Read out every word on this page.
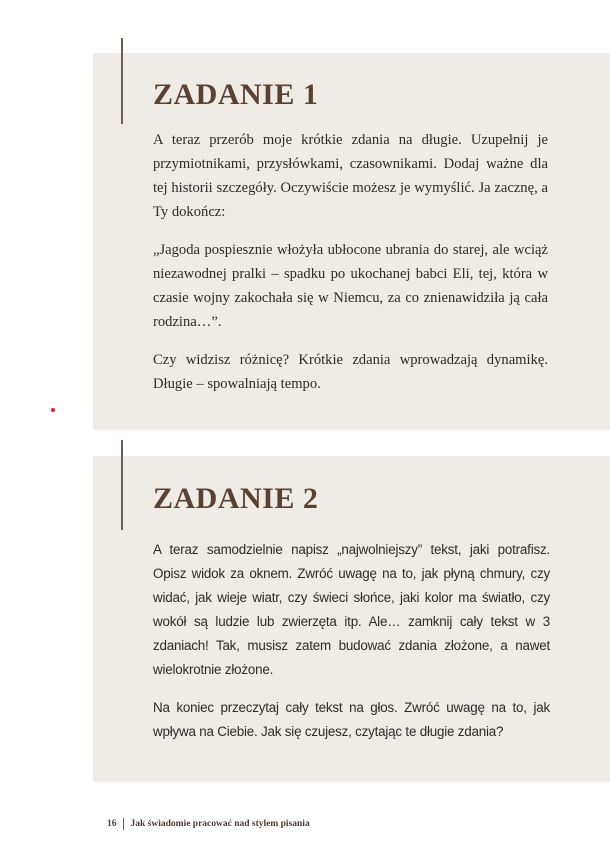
ZADANIE 1

A teraz przerób moje krótkie zdania na długie. Uzupełnij je przymiotnikami, przysłówkami, czasownikami. Dodaj ważne dla tej historii szczegóły. Oczywiście możesz je wymyślić. Ja zacznę, a Ty dokończ:

„Jagoda pospiesznie włożyła ubłocone ubrania do starej, ale wciąż niezawodnej pralki – spadku po ukochanej babci Eli, tej, która w czasie wojny zakochała się w Niemcu, za co znienawidziła ją cała rodzina…”.

Czy widzisz różnicę? Krótkie zdania wprowadzają dynamikę. Długie – spowalniają tempo.

ZADANIE 2

A teraz samodzielnie napisz „najwolniejszy” tekst, jaki potrafisz. Opisz widok za oknem. Zwróć uwagę na to, jak płyną chmury, czy widać, jak wieje wiatr, czy świeci słońce, jaki kolor ma światło, czy wokół są ludzie lub zwierzęta itp. Ale… zamknij cały tekst w 3 zdaniach! Tak, musisz zatem budować zdania złożone, a nawet wielokrotnie złożone.

Na koniec przeczytaj cały tekst na głos. Zwróć uwagę na to, jak wpływa na Ciebie. Jak się czujesz, czytając te długie zdania?

16 Jak świadomie pracować nad stylem pisania
